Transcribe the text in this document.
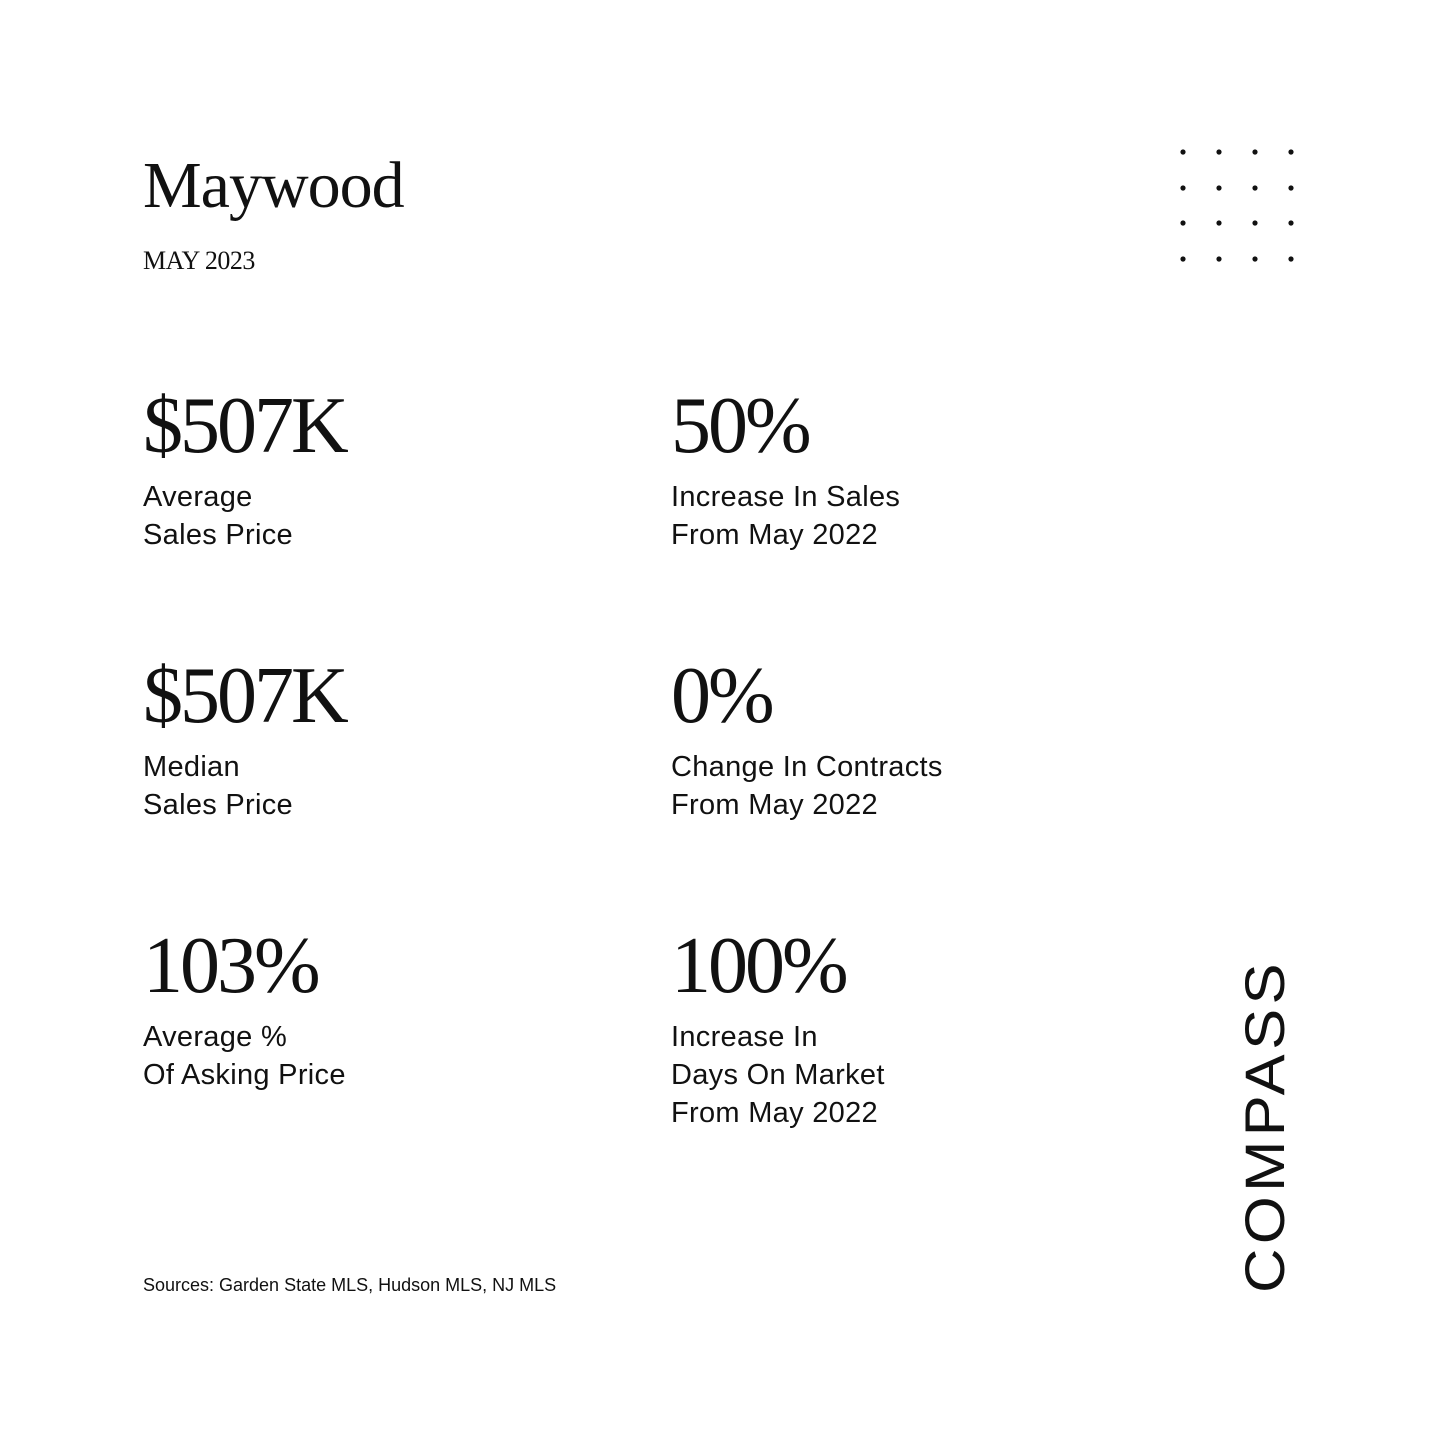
Maywood
MAY 2023
$507K
Average
Sales Price
50%
Increase In Sales
From May 2022
$507K
Median
Sales Price
0%
Change In Contracts
From May 2022
103%
Average %
Of Asking Price
100%
Increase In
Days On Market
From May 2022
Sources: Garden State MLS, Hudson MLS, NJ MLS	COMPASS
